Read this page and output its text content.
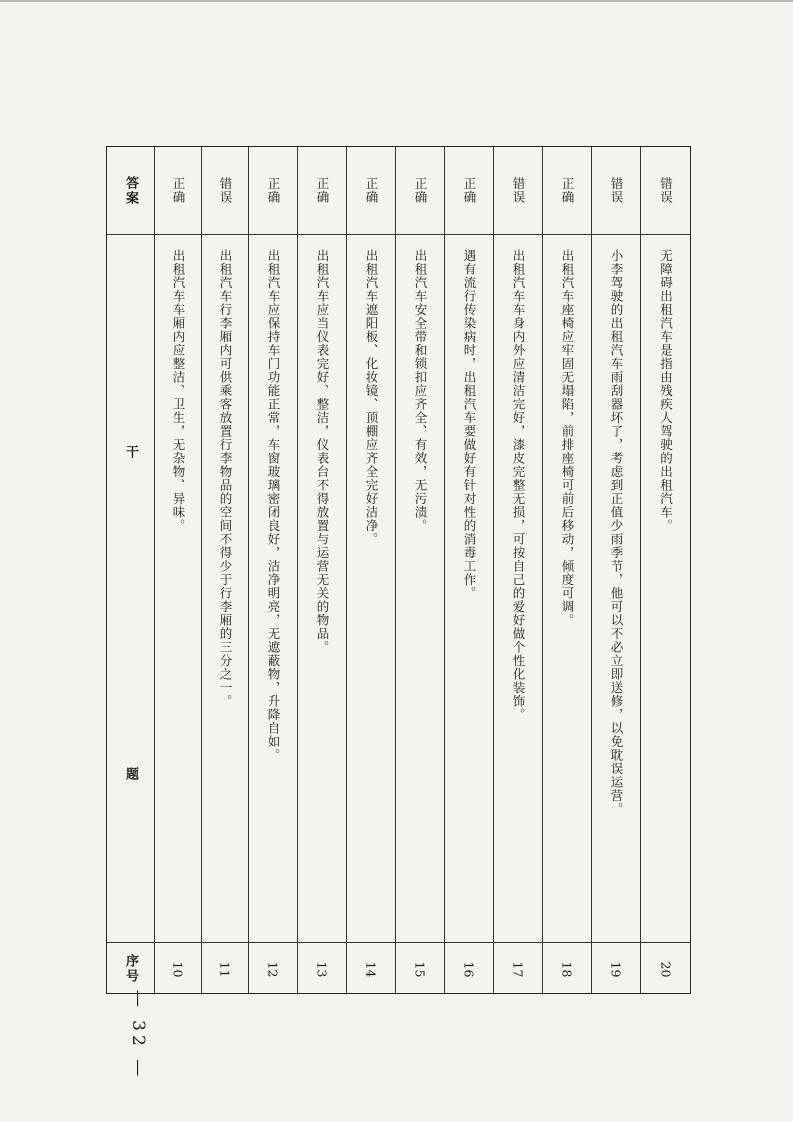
答案
干
题
序号
正确
出租汽车车厢内应整洁、卫生，无杂物、异味。
10
错误
出租汽车行李厢内可供乘客放置行李物品的空间不得少于行李厢的三分之一。
11
正确
出租汽车应保持车门功能正常，车窗玻璃密闭良好，洁净明亮，无遮蔽物，升降自如。
12
正确
出租汽车应当仪表完好、整洁，仪表台不得放置与运营无关的物品。
13
正确
出租汽车遮阳板、化妆镜、顶棚应齐全完好洁净。
14
正确
出租汽车安全带和锁扣应齐全、有效，无污渍。
15
正确
遇有流行传染病时，出租汽车要做好有针对性的消毒工作。
16
错误
出租汽车车身内外应清洁完好，漆皮完整无损，可按自己的爱好做个性化装饰。
17
正确
出租汽车座椅应牢固无塌陷，前排座椅可前后移动，倾度可调。
18
错误
小李驾驶的出租汽车雨刮器坏了，考虑到正值少雨季节，他可以不必立即送修，以免耽误运营。
19
错误
无障碍出租汽车是指由残疾人驾驶的出租汽车。
20
— 32 —
